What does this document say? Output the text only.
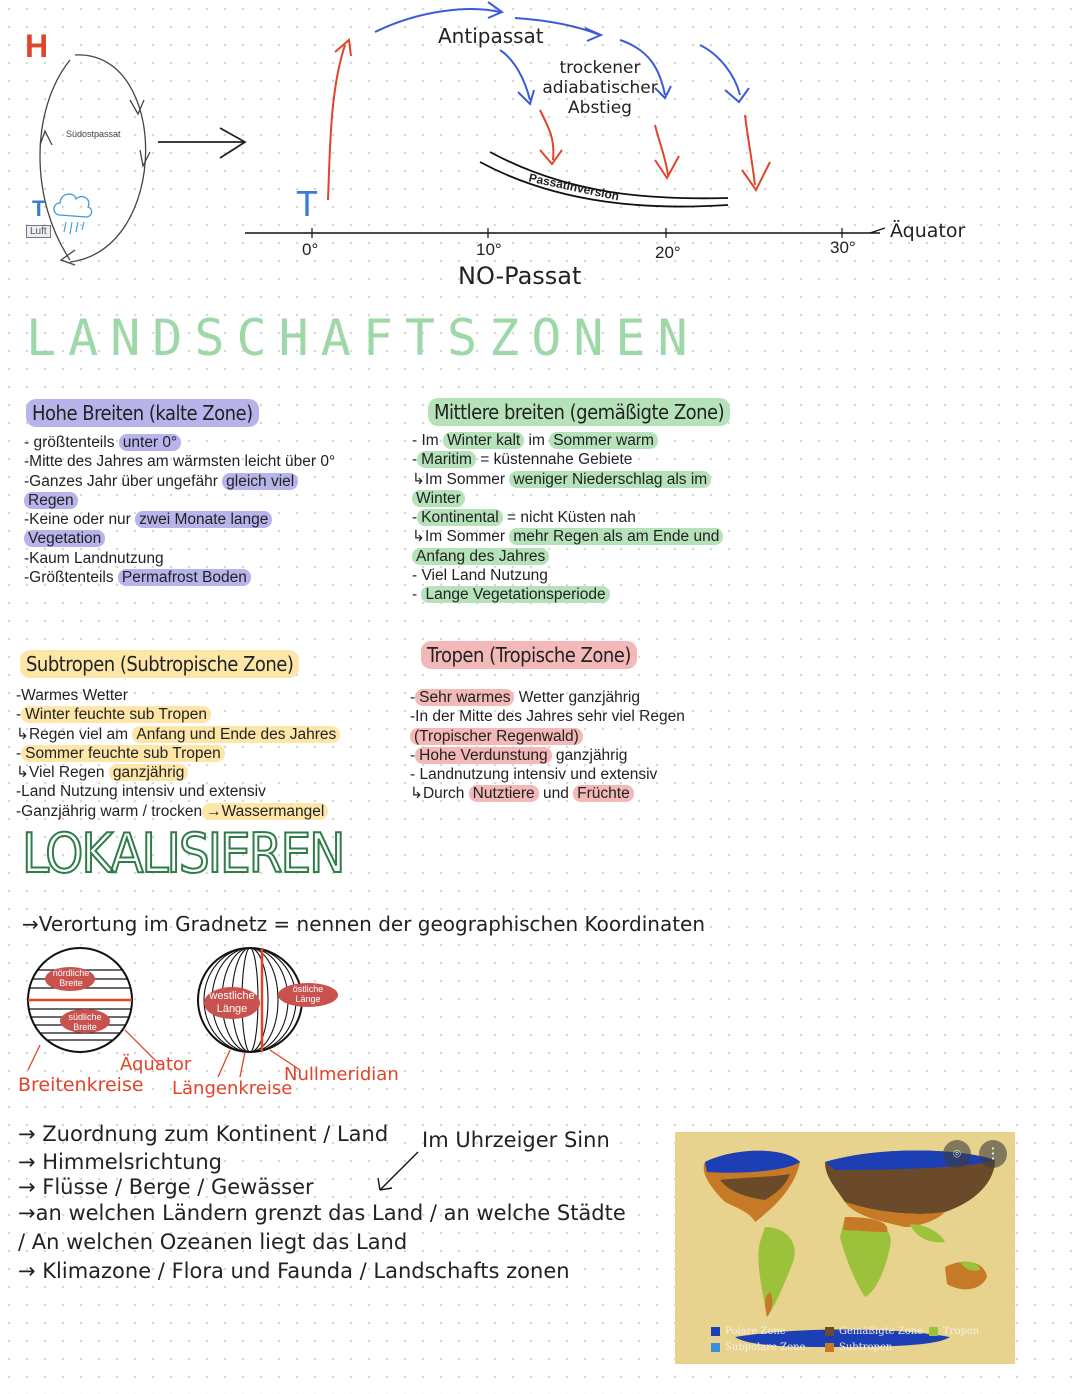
H
T
Luft
Südostpassat
T
Antipassat
trockener
adiabatischer
Abstieg
Passatinversion
0°	10°	20°	30°
Äquator
NO-Passat
LANDSCHAFTSZONEN
Hohe Breiten (kalte Zone)
- größtenteils unter 0°
-Mitte des Jahres am wärmsten leicht über 0°
-Ganzes Jahr über ungefähr gleich viel
Regen
-Keine oder nur zwei Monate lange
Vegetation
-Kaum Landnutzung
-Größtenteils Permafrost Boden
Mittlere breiten (gemäßigte Zone)
- Im Winter kalt im Sommer warm
- Maritim = küstennahe Gebiete
↳Im Sommer weniger Niederschlag als im
Winter
- Kontinental = nicht Küsten nah
↳Im Sommer mehr Regen als am Ende und
Anfang des Jahres
- Viel Land Nutzung
- Lange Vegetationsperiode
Subtropen (Subtropische Zone)
-Warmes Wetter
- Winter feuchte sub Tropen
↳Regen viel am Anfang und Ende des Jahres
- Sommer feuchte sub Tropen
↳Viel Regen ganzjährig
-Land Nutzung intensiv und extensiv
-Ganzjährig warm / trocken →Wassermangel
Tropen (Tropische Zone)
- Sehr warmes Wetter ganzjährig
-In der Mitte des Jahres sehr viel Regen
(Tropischer Regenwald)
- Hohe Verdunstung ganzjährig
- Landnutzung intensiv und extensiv
↳Durch Nutztiere und Früchte
LOKALISIEREN
→Verortung im Gradnetz = nennen der geographischen Koordinaten
nördliche Breite
südliche Breite
westliche Länge
östliche Länge
Äquator
Breitenkreise Längenkreise
Nullmeridian
→ Zuordnung zum Kontinent / Land
→ Himmelsrichtung
→ Flüsse / Berge / Gewässer
→an welchen Ländern grenzt das Land / an welche Städte
/ An welchen Ozeanen liegt das Land
→ Klimazone / Flora und Faunda / Landschafts zonen
Im Uhrzeiger Sinn
⌾	⋮
Polare Zone
Subpolare Zone
Gemäßigte Zone
Subtropen
Tropen
